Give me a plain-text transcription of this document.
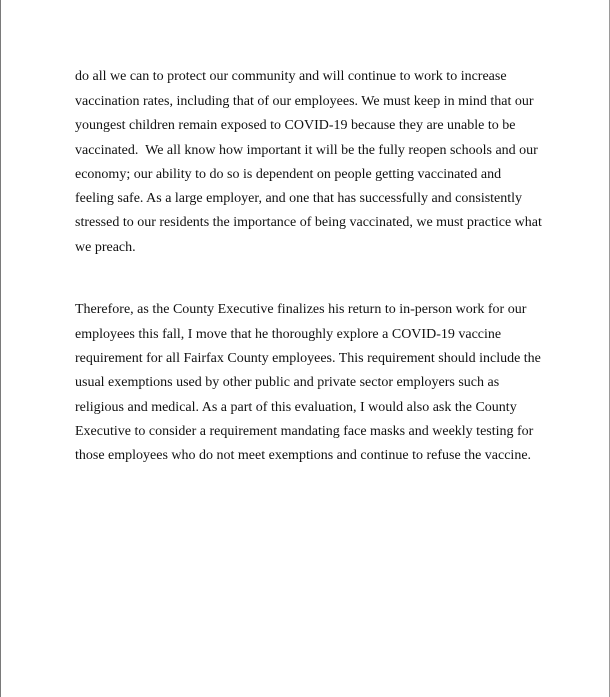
do all we can to protect our community and will continue to work to increase

vaccination rates, including that of our employees. We must keep in mind that our

youngest children remain exposed to COVID-19 because they are unable to be

vaccinated.  We all know how important it will be the fully reopen schools and our

economy; our ability to do so is dependent on people getting vaccinated and

feeling safe. As a large employer, and one that has successfully and consistently

stressed to our residents the importance of being vaccinated, we must practice what

we preach.

Therefore, as the County Executive finalizes his return to in-person work for our

employees this fall, I move that he thoroughly explore a COVID-19 vaccine

requirement for all Fairfax County employees. This requirement should include the

usual exemptions used by other public and private sector employers such as

religious and medical. As a part of this evaluation, I would also ask the County

Executive to consider a requirement mandating face masks and weekly testing for

those employees who do not meet exemptions and continue to refuse the vaccine.
